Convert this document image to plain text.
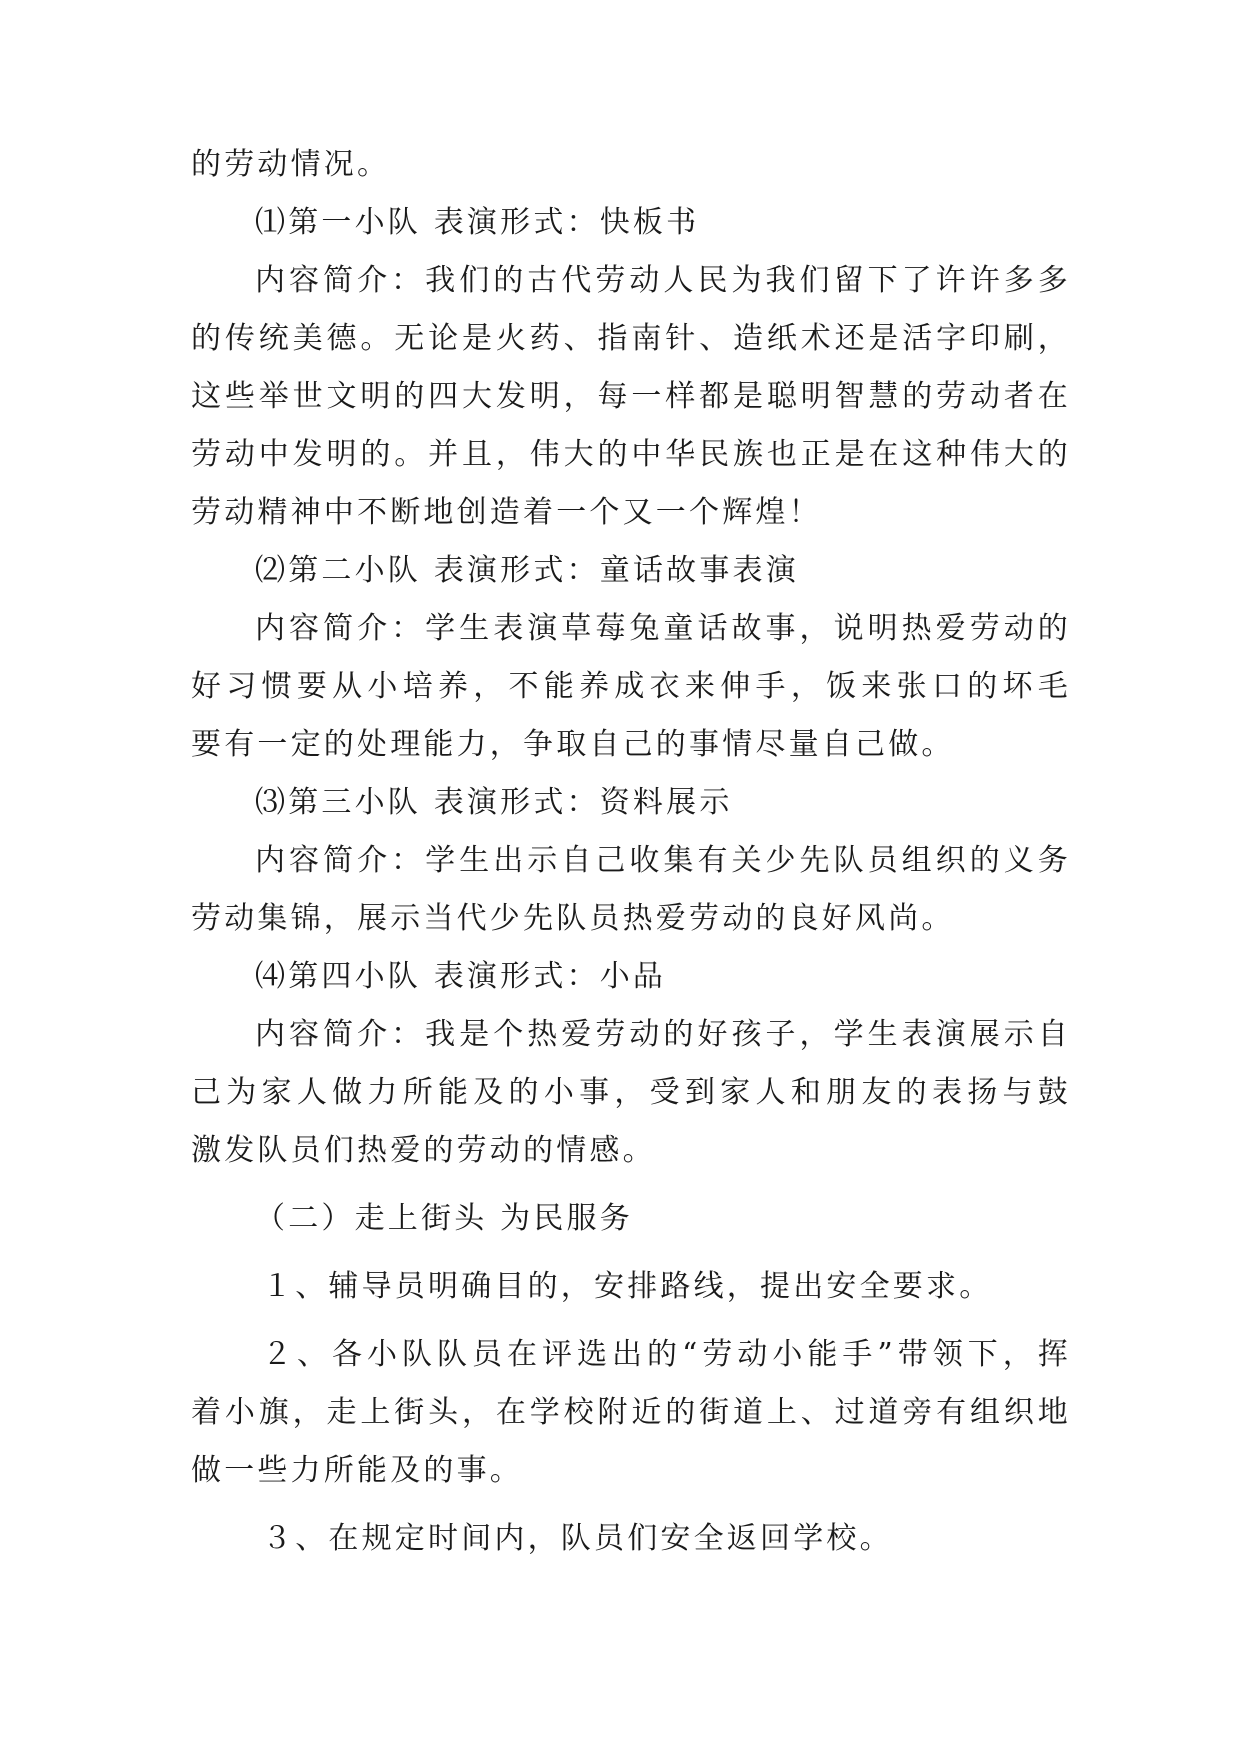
的劳动情况。
⑴第一小队 表演形式：快板书
内容简介：我们的古代劳动人民为我们留下了许许多多
的传统美德。无论是火药、指南针、造纸术还是活字印刷，
这些举世文明的四大发明，每一样都是聪明智慧的劳动者在
劳动中发明的。并且，伟大的中华民族也正是在这种伟大的
劳动精神中不断地创造着一个又一个辉煌！
⑵第二小队 表演形式：童话故事表演
内容简介：学生表演草莓兔童话故事，说明热爱劳动的
好习惯要从小培养，不能养成衣来伸手，饭来张口的坏毛
要有一定的处理能力，争取自己的事情尽量自己做。
⑶第三小队 表演形式：资料展示
内容简介：学生出示自己收集有关少先队员组织的义务
劳动集锦，展示当代少先队员热爱劳动的良好风尚。
⑷第四小队 表演形式：小品
内容简介：我是个热爱劳动的好孩子，学生表演展示自
己为家人做力所能及的小事，受到家人和朋友的表扬与鼓
激发队员们热爱的劳动的情感。
（二）走上街头 为民服务
１、辅导员明确目的，安排路线，提出安全要求。
２、各小队队员在评选出的“劳动小能手”带领下，挥
着小旗，走上街头，在学校附近的街道上、过道旁有组织地
做一些力所能及的事。
３、在规定时间内，队员们安全返回学校。
